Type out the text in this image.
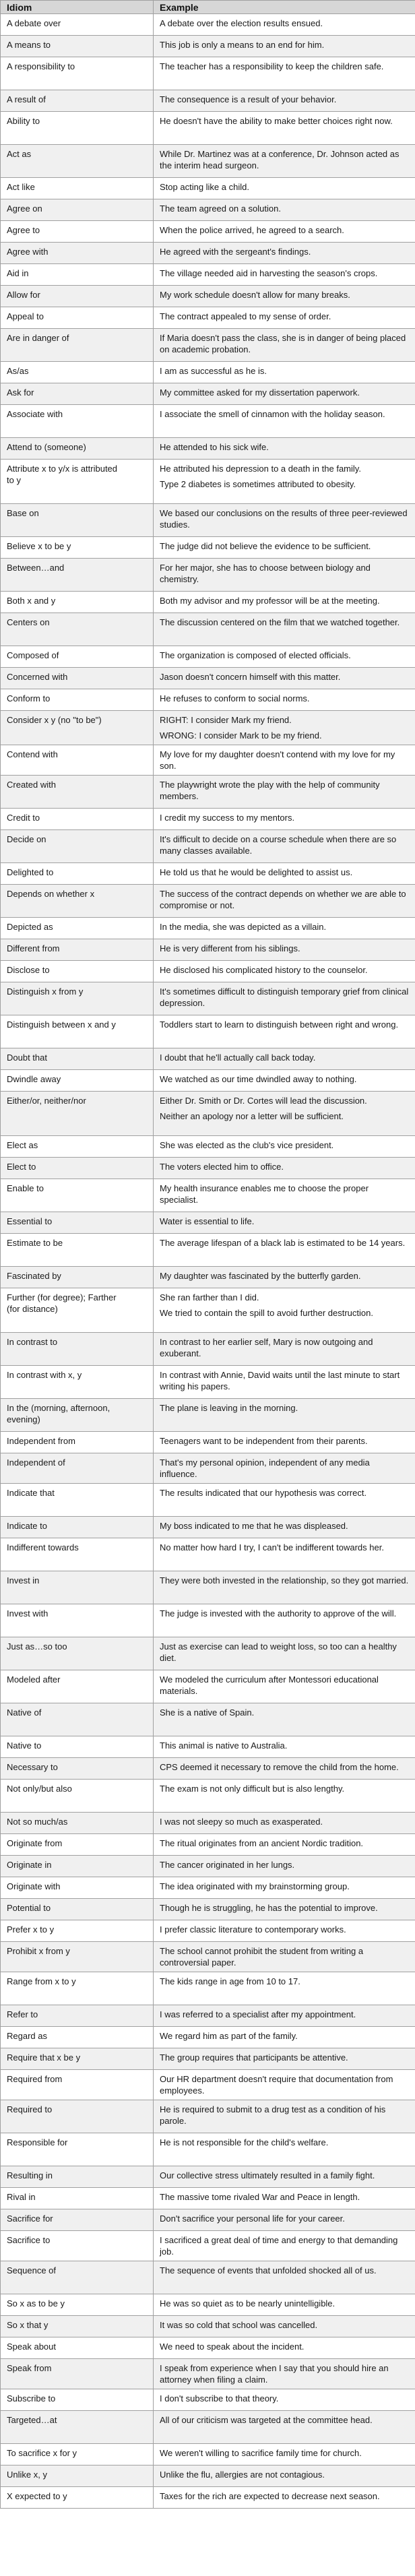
Idiom	Example
A debate over	A debate over the election results ensued.

A means to	This job is only a means to an end for him.

A responsibility to	The teacher has a responsibility to keep the children safe.

A result of	The consequence is a result of your behavior.

Ability to	He doesn't have the ability to make better choices right now.

Act as	While Dr. Martinez was at a conference, Dr. Johnson acted as the interim head surgeon.

Act like	Stop acting like a child.

Agree on	The team agreed on a solution.

Agree to	When the police arrived, he agreed to a search.

Agree with	He agreed with the sergeant's findings.

Aid in	The village needed aid in harvesting the season's crops.

Allow for	My work schedule doesn't allow for many breaks.

Appeal to	The contract appealed to my sense of order.

Are in danger of	If Maria doesn't pass the class, she is in danger of being placed on academic probation.

As/as	I am as successful as he is.

Ask for	My committee asked for my dissertation paperwork.

Associate with	I associate the smell of cinnamon with the holiday season.

Attend to (someone)	He attended to his sick wife.

Attribute x to y/x is attributed to y	He attributed his depression to a death in the family.
Type 2 diabetes is sometimes attributed to obesity.

Base on	We based our conclusions on the results of three peer-reviewed studies.

Believe x to be y	The judge did not believe the evidence to be sufficient.

Between…and	For her major, she has to choose between biology and chemistry.

Both x and y	Both my advisor and my professor will be at the meeting.

Centers on	The discussion centered on the film that we watched together.

Composed of	The organization is composed of elected officials.

Concerned with	Jason doesn't concern himself with this matter.

Conform to	He refuses to conform to social norms.

Consider x y (no "to be")	RIGHT: I consider Mark my friend.
WRONG: I consider Mark to be my friend.

Contend with	My love for my daughter doesn't contend with my love for my son.

Created with	The playwright wrote the play with the help of community members.

Credit to	I credit my success to my mentors.

Decide on	It's difficult to decide on a course schedule when there are so many classes available.

Delighted to	He told us that he would be delighted to assist us.

Depends on whether x	The success of the contract depends on whether we are able to compromise or not.

Depicted as	In the media, she was depicted as a villain.

Different from	He is very different from his siblings.

Disclose to	He disclosed his complicated history to the counselor.

Distinguish x from y	It's sometimes difficult to distinguish temporary grief from clinical depression.

Distinguish between x and y	Toddlers start to learn to distinguish between right and wrong.

Doubt that	I doubt that he'll actually call back today.

Dwindle away	We watched as our time dwindled away to nothing.

Either/or, neither/nor	Either Dr. Smith or Dr. Cortes will lead the discussion.
Neither an apology nor a letter will be sufficient.

Elect as	She was elected as the club's vice president.

Elect to	The voters elected him to office.

Enable to	My health insurance enables me to choose the proper specialist.

Essential to	Water is essential to life.

Estimate to be	The average lifespan of a black lab is estimated to be 14 years.

Fascinated by	My daughter was fascinated by the butterfly garden.

Further (for degree); Farther (for distance)	She ran farther than I did.
We tried to contain the spill to avoid further destruction.

In contrast to	In contrast to her earlier self, Mary is now outgoing and exuberant.

In contrast with x, y	In contrast with Annie, David waits until the last minute to start writing his papers.

In the (morning, afternoon, evening)	The plane is leaving in the morning.

Independent from	Teenagers want to be independent from their parents.

Independent of	That's my personal opinion, independent of any media influence.

Indicate that	The results indicated that our hypothesis was correct.

Indicate to	My boss indicated to me that he was displeased.

Indifferent towards	No matter how hard I try, I can't be indifferent towards her.

Invest in	They were both invested in the relationship, so they got married.

Invest with	The judge is invested with the authority to approve of the will.

Just as…so too	Just as exercise can lead to weight loss, so too can a healthy diet.

Modeled after	We modeled the curriculum after Montessori educational materials.

Native of	She is a native of Spain.

Native to	This animal is native to Australia.

Necessary to	CPS deemed it necessary to remove the child from the home.

Not only/but also	The exam is not only difficult but is also lengthy.

Not so much/as	I was not sleepy so much as exasperated.

Originate from	The ritual originates from an ancient Nordic tradition.

Originate in	The cancer originated in her lungs.

Originate with	The idea originated with my brainstorming group.

Potential to	Though he is struggling, he has the potential to improve.

Prefer x to y	I prefer classic literature to contemporary works.

Prohibit x from y	The school cannot prohibit the student from writing a controversial paper.

Range from x to y	The kids range in age from 10 to 17.

Refer to	I was referred to a specialist after my appointment.

Regard as	We regard him as part of the family.

Require that x be y	The group requires that participants be attentive.

Required from	Our HR department doesn't require that documentation from employees.

Required to	He is required to submit to a drug test as a condition of his parole.

Responsible for	He is not responsible for the child's welfare.

Resulting in	Our collective stress ultimately resulted in a family fight.

Rival in	The massive tome rivaled War and Peace in length.

Sacrifice for	Don't sacrifice your personal life for your career.

Sacrifice to	I sacrificed a great deal of time and energy to that demanding job.

Sequence of	The sequence of events that unfolded shocked all of us.

So x as to be y	He was so quiet as to be nearly unintelligible.

So x that y	It was so cold that school was cancelled.

Speak about	We need to speak about the incident.

Speak from	I speak from experience when I say that you should hire an attorney when filing a claim.

Subscribe to	I don't subscribe to that theory.

Targeted…at	All of our criticism was targeted at the committee head.

To sacrifice x for y	We weren't willing to sacrifice family time for church.

Unlike x, y	Unlike the flu, allergies are not contagious.

X expected to y	Taxes for the rich are expected to decrease next season.
